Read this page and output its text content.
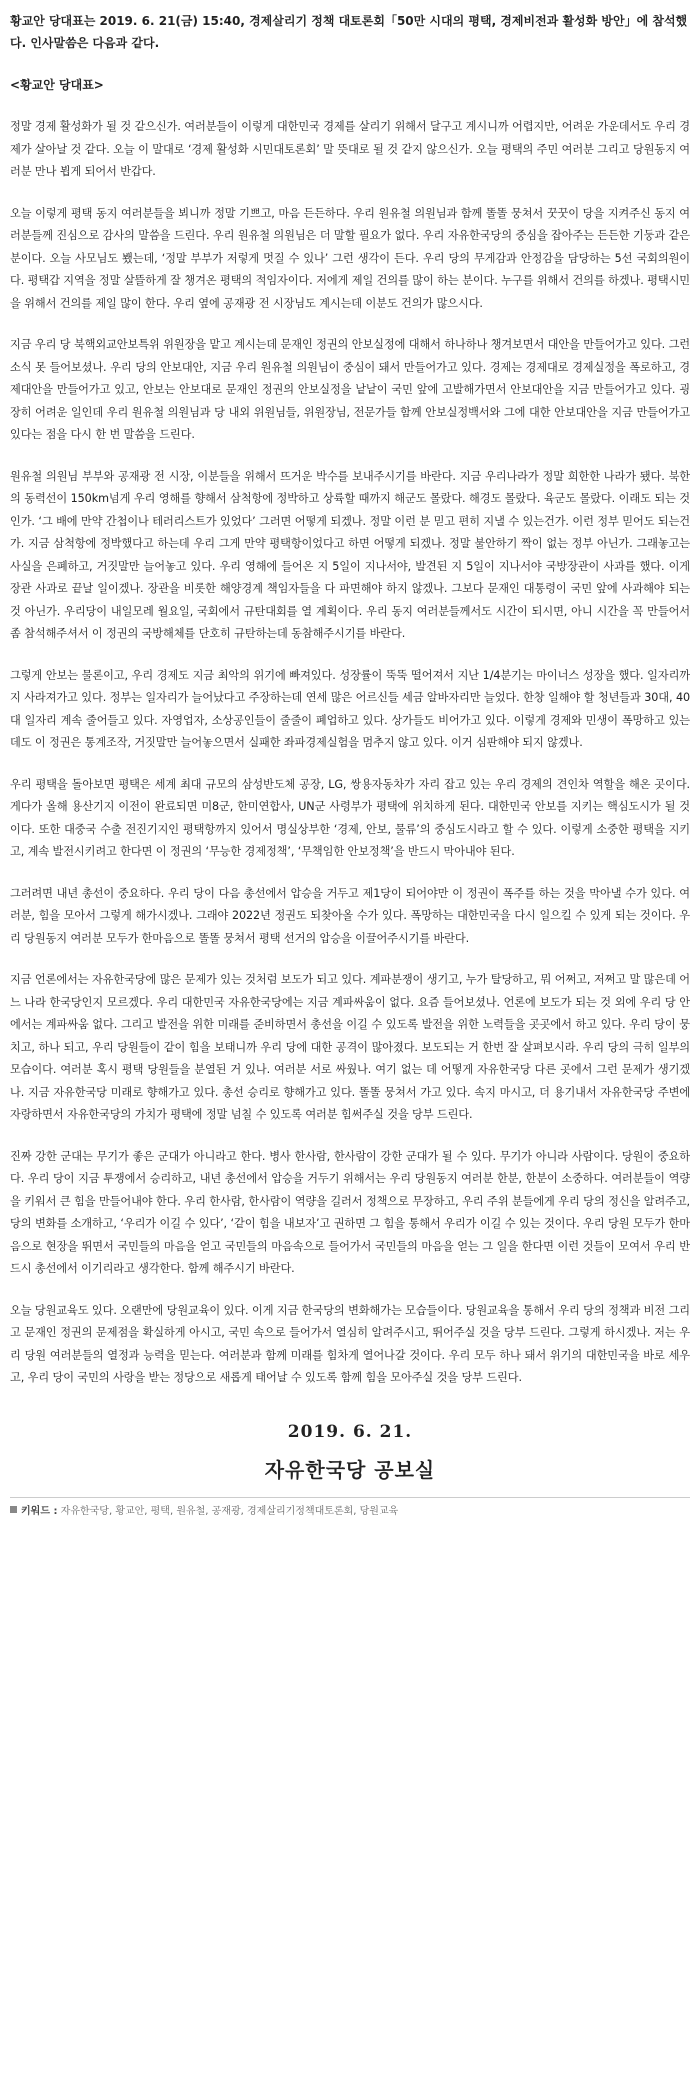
황교안 당대표는 2019. 6. 21(금) 15:40, 경제살리기 정책 대토론회「50만 시대의 평택, 경제비전과 활성화 방안」에 참석했다. 인사말씀은 다음과 같다.

<황교안 당대표>

정말 경제 활성화가 될 것 같으신가. 여러분들이 이렇게 대한민국 경제를 살리기 위해서 달구고 계시니까 어렵지만, 어려운 가운데서도 우리 경제가 살아날 것 같다. 오늘 이 말대로 ‘경제 활성화 시민대토론회’ 말 뜻대로 될 것 같지 않으신가. 오늘 평택의 주민 여러분 그리고 당원동지 여러분 만나 뵙게 되어서 반갑다.

오늘 이렇게 평택 동지 여러분들을 뵈니까 정말 기쁘고, 마음 든든하다. 우리 원유철 의원님과 함께 똘똘 뭉쳐서 꿋꿋이 당을 지켜주신 동지 여러분들께 진심으로 감사의 말씀을 드린다. 우리 원유철 의원님은 더 말할 필요가 없다. 우리 자유한국당의 중심을 잡아주는 든든한 기둥과 같은 분이다. 오늘 사모님도 뵀는데, ‘정말 부부가 저렇게 멋질 수 있나’ 그런 생각이 든다. 우리 당의 무게감과 안정감을 담당하는 5선 국회의원이다. 평택갑 지역을 정말 살뜰하게 잘 챙겨온 평택의 적임자이다. 저에게 제일 건의를 많이 하는 분이다. 누구를 위해서 건의를 하겠나. 평택시민을 위해서 건의를 제일 많이 한다. 우리 옆에 공재광 전 시장님도 계시는데 이분도 건의가 많으시다.

지금 우리 당 북핵외교안보특위 위원장을 맡고 계시는데 문재인 정권의 안보실정에 대해서 하나하나 챙겨보면서 대안을 만들어가고 있다. 그런 소식 못 들어보셨나. 우리 당의 안보대안, 지금 우리 원유철 의원님이 중심이 돼서 만들어가고 있다. 경제는 경제대로 경제실정을 폭로하고, 경제대안을 만들어가고 있고, 안보는 안보대로 문재인 정권의 안보실정을 낱낱이 국민 앞에 고발해가면서 안보대안을 지금 만들어가고 있다. 굉장히 어려운 일인데 우리 원유철 의원님과 당 내외 위원님들, 위원장님, 전문가들 함께 안보실정백서와 그에 대한 안보대안을 지금 만들어가고 있다는 점을 다시 한 번 말씀을 드린다.

원유철 의원님 부부와 공재광 전 시장, 이분들을 위해서 뜨거운 박수를 보내주시기를 바란다. 지금 우리나라가 정말 희한한 나라가 됐다. 북한의 동력선이 150km넘게 우리 영해를 향해서 삼척항에 정박하고 상륙할 때까지 해군도 몰랐다. 해경도 몰랐다. 육군도 몰랐다. 이래도 되는 것인가. ‘그 배에 만약 간첩이나 테러리스트가 있었다’ 그러면 어떻게 되겠나. 정말 이런 분 믿고 편히 지낼 수 있는건가. 이런 정부 믿어도 되는건가. 지금 삼척항에 정박했다고 하는데 우리 그게 만약 평택항이었다고 하면 어떻게 되겠나. 정말 불안하기 짝이 없는 정부 아닌가. 그래놓고는 사실을 은폐하고, 거짓말만 늘어놓고 있다. 우리 영해에 들어온 지 5일이 지나서야, 발견된 지 5일이 지나서야 국방장관이 사과를 했다. 이게 장관 사과로 끝날 일이겠나. 장관을 비롯한 해양경계 책임자들을 다 파면해야 하지 않겠나. 그보다 문재인 대통령이 국민 앞에 사과해야 되는 것 아닌가. 우리당이 내일모레 월요일, 국회에서 규탄대회를 열 계획이다. 우리 동지 여러분들께서도 시간이 되시면, 아니 시간을 꼭 만들어서 좀 참석해주셔서 이 정권의 국방해체를 단호히 규탄하는데 동참해주시기를 바란다.

그렇게 안보는 물론이고, 우리 경제도 지금 최악의 위기에 빠져있다. 성장률이 뚝뚝 떨어져서 지난 1/4분기는 마이너스 성장을 했다. 일자리까지 사라져가고 있다. 정부는 일자리가 늘어났다고 주장하는데 연세 많은 어르신들 세금 알바자리만 늘었다. 한창 일해야 할 청년들과 30대, 40대 일자리 계속 줄어들고 있다. 자영업자, 소상공인들이 줄줄이 폐업하고 있다. 상가들도 비어가고 있다. 이렇게 경제와 민생이 폭망하고 있는데도 이 정권은 통계조작, 거짓말만 늘어놓으면서 실패한 좌파경제실험을 멈추지 않고 있다. 이거 심판해야 되지 않겠나.

우리 평택을 돌아보면 평택은 세계 최대 규모의 삼성반도체 공장, LG, 쌍용자동차가 자리 잡고 있는 우리 경제의 견인차 역할을 해온 곳이다. 게다가 올해 용산기지 이전이 완료되면 미8군, 한미연합사, UN군 사령부가 평택에 위치하게 된다. 대한민국 안보를 지키는 핵심도시가 될 것이다. 또한 대중국 수출 전진기지인 평택항까지 있어서 명실상부한 ‘경제, 안보, 물류’의 중심도시라고 할 수 있다. 이렇게 소중한 평택을 지키고, 계속 발전시키려고 한다면 이 정권의 ‘무능한 경제정책’, ‘무책임한 안보정책’을 반드시 막아내야 된다.

그러려면 내년 총선이 중요하다. 우리 당이 다음 총선에서 압승을 거두고 제1당이 되어야만 이 정권이 폭주를 하는 것을 막아낼 수가 있다. 여러분, 힘을 모아서 그렇게 해가시겠나. 그래야 2022년 정권도 되찾아올 수가 있다. 폭망하는 대한민국을 다시 일으킬 수 있게 되는 것이다. 우리 당원동지 여러분 모두가 한마음으로 똘똘 뭉쳐서 평택 선거의 압승을 이끌어주시기를 바란다.

지금 언론에서는 자유한국당에 많은 문제가 있는 것처럼 보도가 되고 있다. 계파분쟁이 생기고, 누가 탈당하고, 뭐 어쩌고, 저쩌고 말 많은데 어느 나라 한국당인지 모르겠다. 우리 대한민국 자유한국당에는 지금 계파싸움이 없다. 요즘 들어보셨나. 언론에 보도가 되는 것 외에 우리 당 안에서는 계파싸움 없다. 그리고 발전을 위한 미래를 준비하면서 총선을 이길 수 있도록 발전을 위한 노력들을 곳곳에서 하고 있다. 우리 당이 뭉치고, 하나 되고, 우리 당원들이 같이 힘을 보태니까 우리 당에 대한 공격이 많아졌다. 보도되는 거 한번 잘 살펴보시라. 우리 당의 극히 일부의 모습이다. 여러분 혹시 평택 당원들을 분열된 거 있나. 여러분 서로 싸웠나. 여기 없는 데 어떻게 자유한국당 다른 곳에서 그런 문제가 생기겠나. 지금 자유한국당 미래로 향해가고 있다. 총선 승리로 향해가고 있다. 똘똘 뭉쳐서 가고 있다. 속지 마시고, 더 용기내서 자유한국당 주변에 자랑하면서 자유한국당의 가치가 평택에 정말 넘칠 수 있도록 여러분 힘써주실 것을 당부 드린다.

진짜 강한 군대는 무기가 좋은 군대가 아니라고 한다. 병사 한사람, 한사람이 강한 군대가 될 수 있다. 무기가 아니라 사람이다. 당원이 중요하다. 우리 당이 지금 투쟁에서 승리하고, 내년 총선에서 압승을 거두기 위해서는 우리 당원동지 여러분 한분, 한분이 소중하다. 여러분들이 역량을 키워서 큰 힘을 만들어내야 한다. 우리 한사람, 한사람이 역량을 길러서 정책으로 무장하고, 우리 주위 분들에게 우리 당의 정신을 알려주고, 당의 변화를 소개하고, ‘우리가 이길 수 있다’, ‘같이 힘을 내보자’고 권하면 그 힘을 통해서 우리가 이길 수 있는 것이다. 우리 당원 모두가 한마음으로 현장을 뛰면서 국민들의 마음을 얻고 국민들의 마음속으로 들어가서 국민들의 마음을 얻는 그 일을 한다면 이런 것들이 모여서 우리 반드시 총선에서 이기리라고 생각한다. 함께 해주시기 바란다.

오늘 당원교육도 있다. 오랜만에 당원교육이 있다. 이게 지금 한국당의 변화해가는 모습들이다. 당원교육을 통해서 우리 당의 정책과 비전 그리고 문재인 정권의 문제점을 확실하게 아시고, 국민 속으로 들어가서 열심히 알려주시고, 뛰어주실 것을 당부 드린다. 그렇게 하시겠나. 저는 우리 당원 여러분들의 열정과 능력을 믿는다. 여러분과 함께 미래를 힘차게 열어나갈 것이다. 우리 모두 하나 돼서 위기의 대한민국을 바로 세우고, 우리 당이 국민의 사랑을 받는 정당으로 새롭게 태어날 수 있도록 함께 힘을 모아주실 것을 당부 드린다.

2019. 6. 21.
자유한국당 공보실
키워드 : 자유한국당, 황교안, 평택, 원유철, 공재광, 경제살리기정책대토론회, 당원교육
